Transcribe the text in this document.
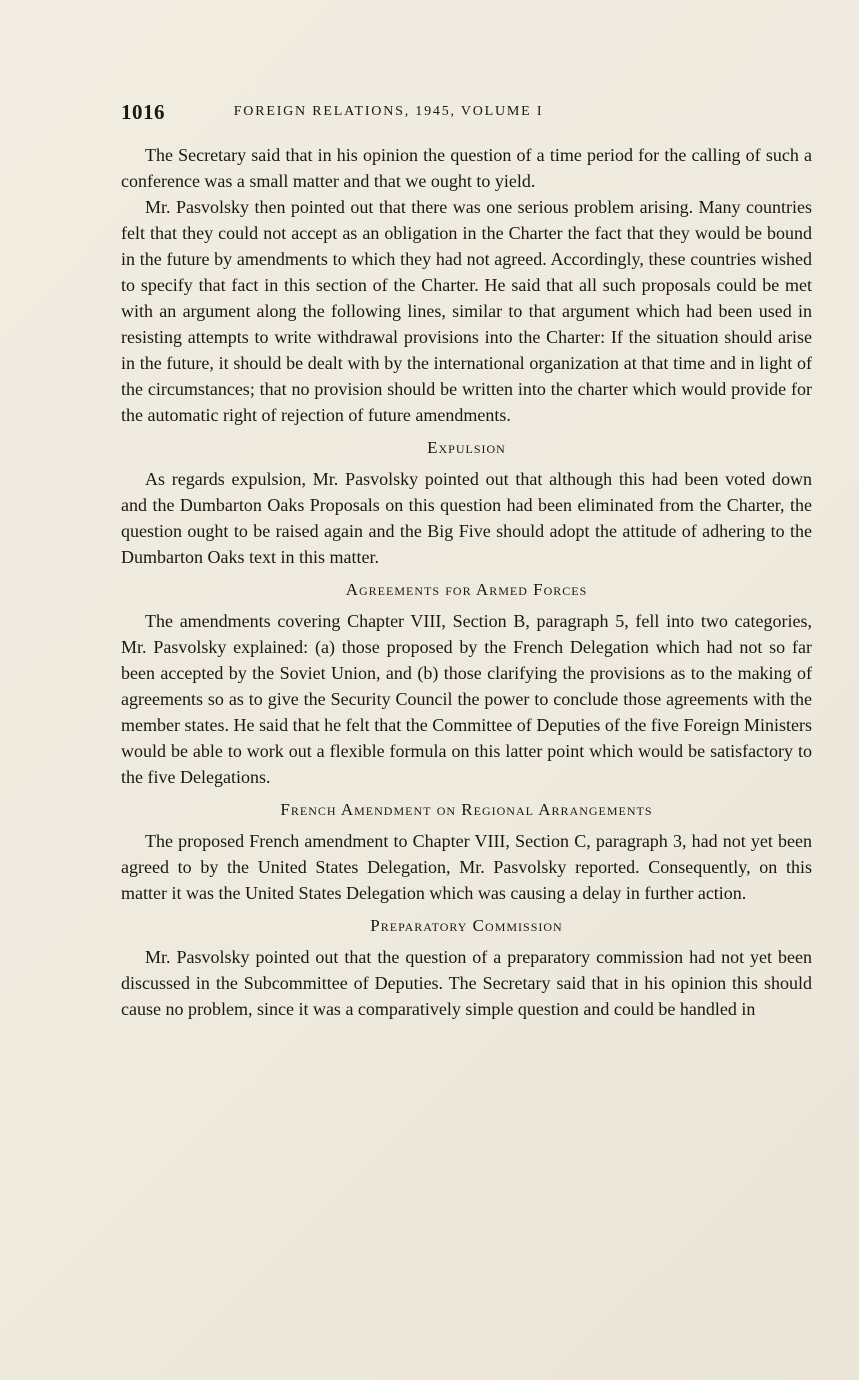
1016	FOREIGN RELATIONS, 1945, VOLUME I

The Secretary said that in his opinion the question of a time period for the calling of such a conference was a small matter and that we ought to yield.

Mr. Pasvolsky then pointed out that there was one serious problem arising. Many countries felt that they could not accept as an obligation in the Charter the fact that they would be bound in the future by amendments to which they had not agreed. Accordingly, these countries wished to specify that fact in this section of the Charter. He said that all such proposals could be met with an argument along the following lines, similar to that argument which had been used in resisting attempts to write withdrawal provisions into the Charter: If the situation should arise in the future, it should be dealt with by the international organization at that time and in light of the circumstances; that no provision should be written into the charter which would provide for the automatic right of rejection of future amendments.

Expulsion

As regards expulsion, Mr. Pasvolsky pointed out that although this had been voted down and the Dumbarton Oaks Proposals on this question had been eliminated from the Charter, the question ought to be raised again and the Big Five should adopt the attitude of adhering to the Dumbarton Oaks text in this matter.

Agreements for Armed Forces

The amendments covering Chapter VIII, Section B, paragraph 5, fell into two categories, Mr. Pasvolsky explained: (a) those proposed by the French Delegation which had not so far been accepted by the Soviet Union, and (b) those clarifying the provisions as to the making of agreements so as to give the Security Council the power to conclude those agreements with the member states. He said that he felt that the Committee of Deputies of the five Foreign Ministers would be able to work out a flexible formula on this latter point which would be satisfactory to the five Delegations.

French Amendment on Regional Arrangements

The proposed French amendment to Chapter VIII, Section C, paragraph 3, had not yet been agreed to by the United States Delegation, Mr. Pasvolsky reported. Consequently, on this matter it was the United States Delegation which was causing a delay in further action.

Preparatory Commission

Mr. Pasvolsky pointed out that the question of a preparatory commission had not yet been discussed in the Subcommittee of Deputies. The Secretary said that in his opinion this should cause no problem, since it was a comparatively simple question and could be handled in
